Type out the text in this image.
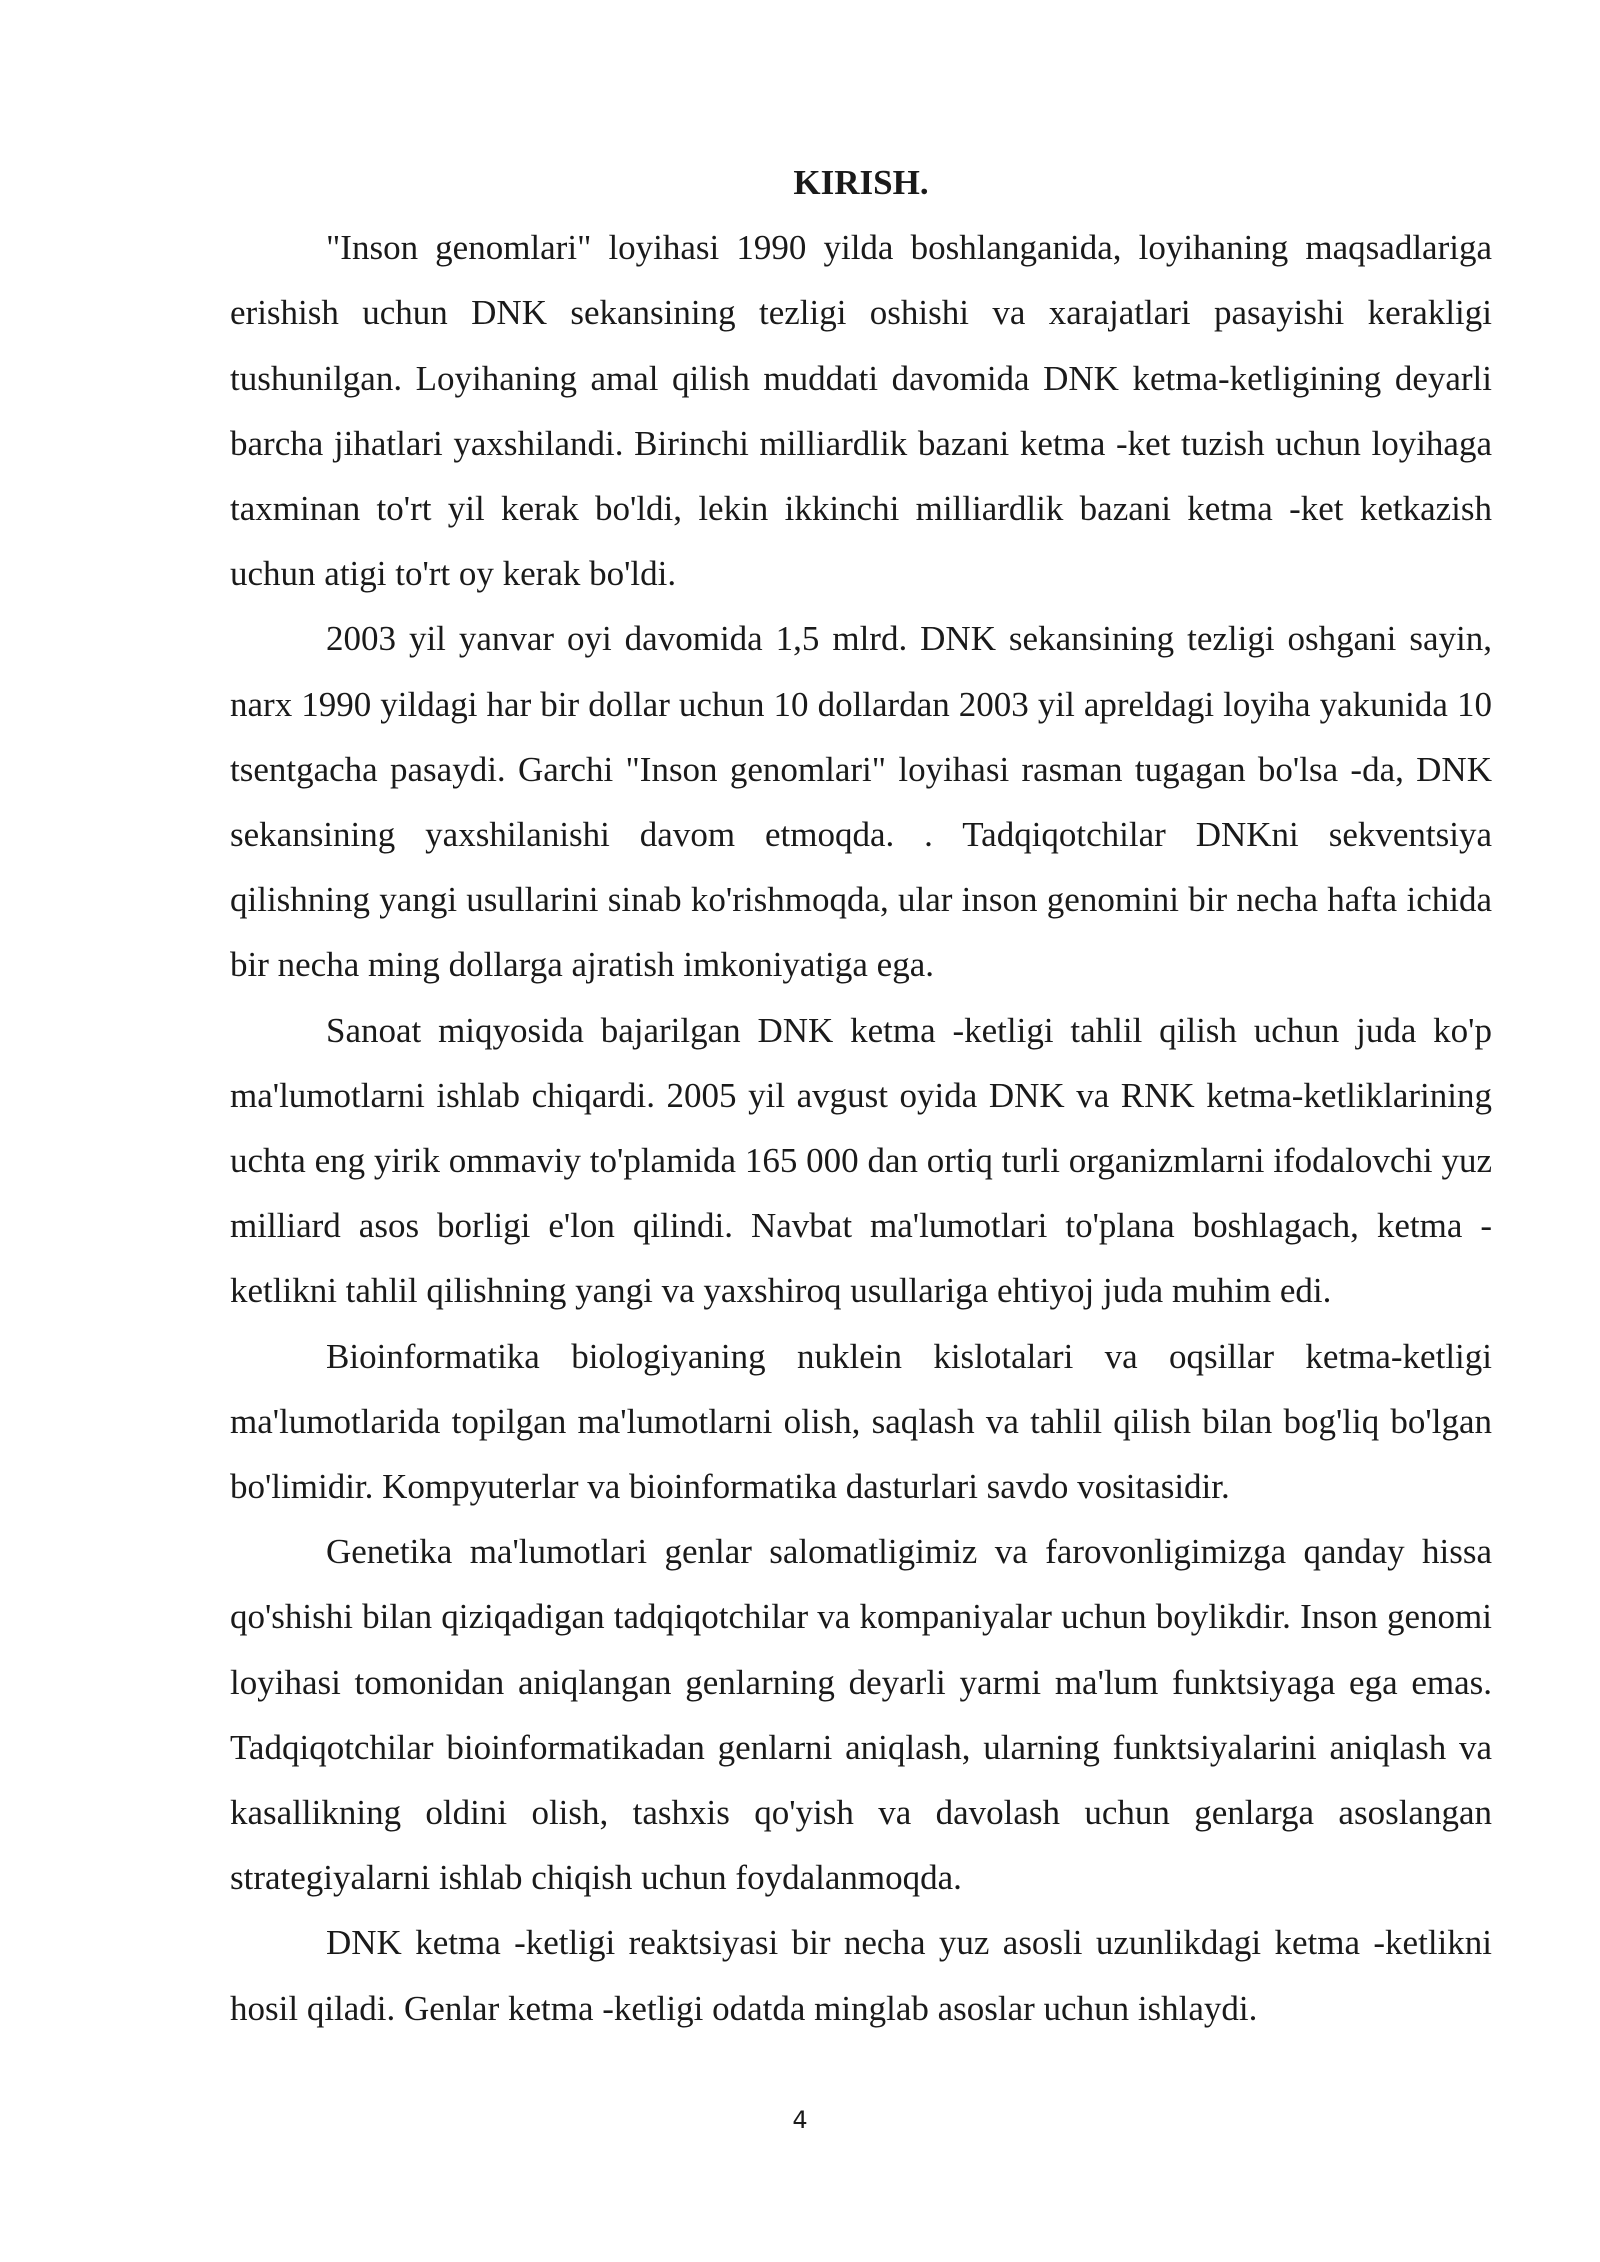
KIRISH.

"Inson genomlari" loyihasi 1990 yilda boshlanganida, loyihaning maqsadlariga erishish uchun DNK sekansining tezligi oshishi va xarajatlari pasayishi kerakligi tushunilgan. Loyihaning amal qilish muddati davomida DNK ketma-ketligining deyarli barcha jihatlari yaxshilandi. Birinchi milliardlik bazani ketma -ket tuzish uchun loyihaga taxminan to'rt yil kerak bo'ldi, lekin ikkinchi milliardlik bazani ketma -ket ketkazish uchun atigi to'rt oy kerak bo'ldi.

2003 yil yanvar oyi davomida 1,5 mlrd. DNK sekansining tezligi oshgani sayin, narx 1990 yildagi har bir dollar uchun 10 dollardan 2003 yil apreldagi loyiha yakunida 10 tsentgacha pasaydi. Garchi "Inson genomlari" loyihasi rasman tugagan bo'lsa -da, DNK sekansining yaxshilanishi davom etmoqda. . Tadqiqotchilar DNKni sekventsiya qilishning yangi usullarini sinab ko'rishmoqda, ular inson genomini bir necha hafta ichida bir necha ming dollarga ajratish imkoniyatiga ega.

Sanoat miqyosida bajarilgan DNK ketma -ketligi tahlil qilish uchun juda ko'p ma'lumotlarni ishlab chiqardi. 2005 yil avgust oyida DNK va RNK ketma-ketliklarining uchta eng yirik ommaviy to'plamida 165 000 dan ortiq turli organizmlarni ifodalovchi yuz milliard asos borligi e'lon qilindi. Navbat ma'lumotlari to'plana boshlagach, ketma -ketlikni tahlil qilishning yangi va yaxshiroq usullariga ehtiyoj juda muhim edi.

Bioinformatika biologiyaning nuklein kislotalari va oqsillar ketma-ketligi ma'lumotlarida topilgan ma'lumotlarni olish, saqlash va tahlil qilish bilan bog'liq bo'lgan bo'limidir. Kompyuterlar va bioinformatika dasturlari savdo vositasidir.

Genetika ma'lumotlari genlar salomatligimiz va farovonligimizga qanday hissa qo'shishi bilan qiziqadigan tadqiqotchilar va kompaniyalar uchun boylikdir. Inson genomi loyihasi tomonidan aniqlangan genlarning deyarli yarmi ma'lum funktsiyaga ega emas. Tadqiqotchilar bioinformatikadan genlarni aniqlash, ularning funktsiyalarini aniqlash va kasallikning oldini olish, tashxis qo'yish va davolash uchun genlarga asoslangan strategiyalarni ishlab chiqish uchun foydalanmoqda.

DNK ketma -ketligi reaktsiyasi bir necha yuz asosli uzunlikdagi ketma -ketlikni hosil qiladi. Genlar ketma -ketligi odatda minglab asoslar uchun ishlaydi.

4
